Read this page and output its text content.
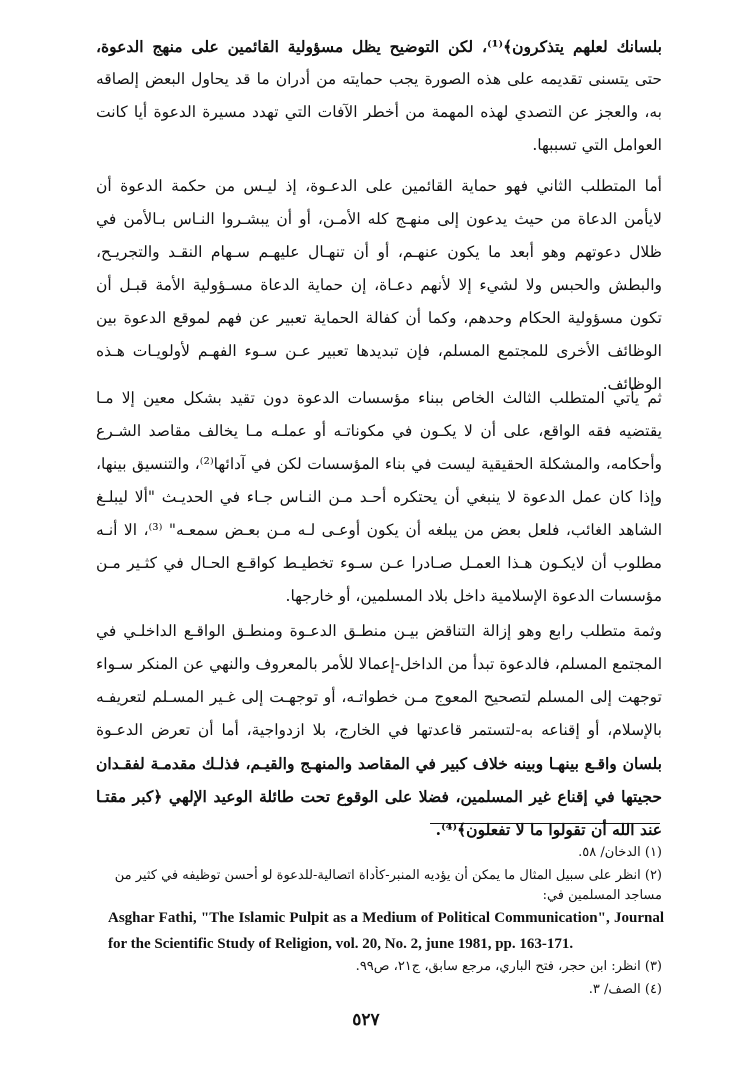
بلسانك لعلهم يتذكرون﴾⁽¹⁾، لكن التوضيح يظل مسؤولية القائمين على منهج الدعوة،
حتى يتسنى تقديمه على هذه الصورة يجب حمايته من أدران ما قد يحاول البعض إلصاقه
به، والعجز عن التصدي لهذه المهمة من أخطر الآفات التي تهدد مسيرة الدعوة أيا كانت
العوامل التي تسببها.
أما المتطلب الثاني فهو حماية القائمين على الدعـوة، إذ ليـس من حكمة الدعوة أن
لايأمن الدعاة من حيث يدعون إلى منهـج كله الأمـن، أو أن يبشـروا النـاس بـالأمن في
ظلال دعوتهم وهو أبعد ما يكون عنهـم، أو أن تنهـال عليهـم سـهام النقـد والتجريـح،
والبطش والحبس ولا لشيء إلا لأنهم دعـاة، إن حماية الدعاة مسـؤولية الأمة قبـل أن
تكون مسؤولية الحكام وحدهم، وكما أن كفالة الحماية تعبير عن فهم لموقع الدعوة بين
الوظائف الأخرى للمجتمع المسلم، فإن تبديدها تعبير عـن سـوء الفهـم لأولويـات هـذه
الوظائف.
ثم يأتي المتطلب الثالث الخاص ببناء مؤسسات الدعوة دون تقيد بشكل معين إلا مـا
يقتضيه فقه الواقع، على أن لا يكـون في مكوناتـه أو عملـه مـا يخالف مقاصد الشـرع
وأحكامه، والمشكلة الحقيقية ليست في بناء المؤسسات لكن في آدائها⁽²⁾، والتنسيق بينها،
وإذا كان عمل الدعوة لا ينبغي أن يحتكره أحـد مـن النـاس جـاء في الحديـث "ألا ليبلـغ
الشاهد الغائب، فلعل بعض من يبلغه أن يكون أوعـى لـه مـن بعـض سمعـه" ⁽³⁾، الا أنـه
مطلوب أن لايكـون هـذا العمـل صـادرا عـن سـوء تخطيـط كواقـع الحـال في كثـير مـن
مؤسسات الدعوة الإسلامية داخل بلاد المسلمين، أو خارجها.
وثمة متطلب رابع وهو إزالة التناقض بيـن منطـق الدعـوة ومنطـق الواقـع الداخلـي في
المجتمع المسلم، فالدعوة تبدأ من الداخل-إعمالا للأمر بالمعروف والنهي عن المنكر سـواء
توجهت إلى المسلم لتصحيح المعوج مـن خطواتـه، أو توجهـت إلى غـير المسـلم لتعريفـه
بالإسلام، أو إقناعه به-لتستمر قاعدتها في الخارج، بلا ازدواجية، أما أن تعرض الدعـوة
بلسان واقـع بينهـا وبينه خلاف كبير في المقاصد والمنهـج والقيـم، فذلـك مقدمـة لفقـدان
حجيتها في إقناع غير المسلمين، فضلا على الوقوع تحت طائلة الوعيد الإلهي ﴿كبر مقتـا
عند الله أن تقولوا ما لا تفعلون﴾⁽⁴⁾.
(١) الدخان/ ٥٨.
(٢) انظر على سبيل المثال ما يمكن أن يؤديه المنبر-كأداة اتصالية-للدعوة لو أحسن توظيفه في كثير من
مساجد المسلمين في:
Asghar Fathi, "The Islamic Pulpit as a Medium of Political Communication", Journal
for the Scientific Study of Religion, vol. 20, No. 2, june 1981, pp. 163-171.
(٣) انظر: ابن حجر، فتح الباري، مرجع سابق، ج٢١، ص٩٩.
(٤) الصف/ ٣.
٥٢٧
